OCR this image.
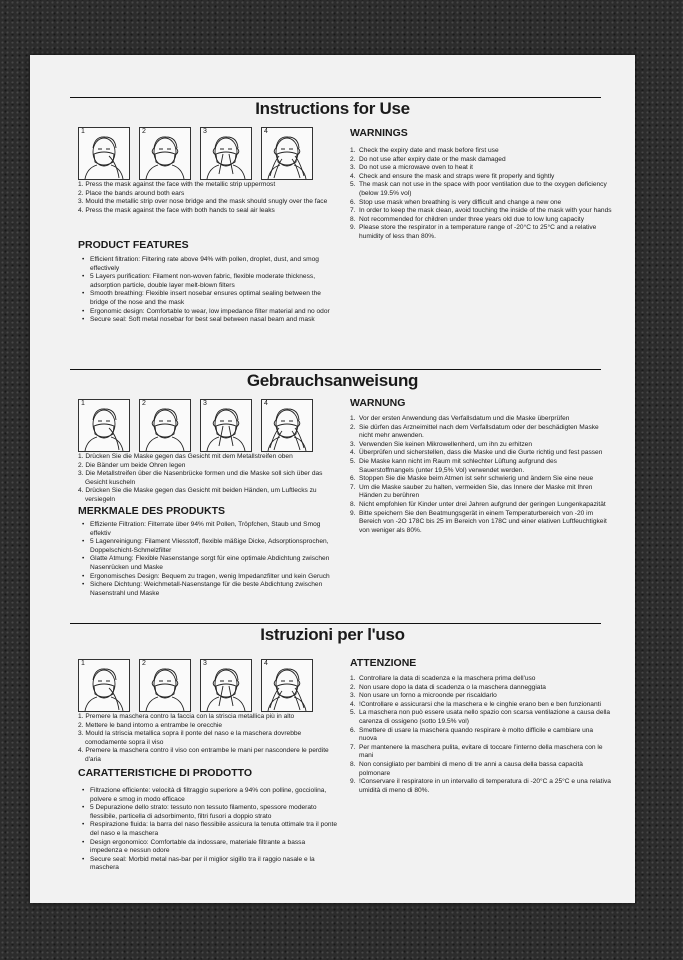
Instructions for Use
1	2	3	4
1. Press the mask against the face with the metallic strip uppermost
2. Place the bands around both ears
3. Mould the metallic strip over nose bridge and the mask should snugly over the face
4. Press the mask against the face with both hands to seal air leaks
PRODUCT FEATURES
• Efficient filtration: Filtering rate above 94% with pollen, droplet, dust, and smog effectively
• 5 Layers purification: Filament non-woven fabric, flexible moderate thickness, adsorption particle, double layer melt-blown filters
• Smooth breathing: Flexible insert nosebar ensures optimal sealing between the bridge of the nose and the mask
• Ergonomic design: Comfortable to wear, low impedance filter material and no odor
• Secure seal: Soft metal nosebar for best seal between nasal beam and mask
WARNINGS
1. Check the expiry date and mask before first use
2. Do not use after expiry date or the mask damaged
3. Do not use a microwave oven to heat it
4. Check and ensure the mask and straps were fit properly and tightly
5. The mask can not use in the space with poor ventilation due to the oxygen deficiency (below 19.5% vol)
6. Stop use mask when breathing is very difficult and change a new one
7. In order to keep the mask clean, avoid touching the inside of the mask with your hands
8. Not recommended for children under three years old due to low lung capacity
9. Please store the respirator in a temperature range of -20°C to 25°C and a relative humidity of less than 80%.
Gebrauchsanweisung
1	2	3	4
1. Drücken Sie die Maske gegen das Gesicht mit dem Metallstreifen oben
2. Die Bänder um beide Ohren legen
3. Die Metallstreifen über die Nasenbrücke formen und die Maske soll sich über das Gesicht kuscheln
4. Drücken Sie die Maske gegen das Gesicht mit beiden Händen, um Luftlecks zu versiegeln
MERKMALE DES PRODUKTS
• Effiziente Filtration: Filterrate über 94% mit Pollen, Tröpfchen, Staub und Smog effektiv
• 5 Lagenreinigung: Filament Vliesstoff, flexible mäßige Dicke, Adsorptionsprochen, Doppelschicht-Schmelzfilter
• Glatte Atmung: Flexible Nasenstange sorgt für eine optimale Abdichtung zwischen Nasenrücken und Maske
• Ergonomisches Design: Bequem zu tragen, wenig Impedanzfilter und kein Geruch
• Sichere Dichtung: Weichmetall-Nasenstange für die beste Abdichtung zwischen Nasenstrahl und Maske
WARNUNG
1. Vor der ersten Anwendung das Verfallsdatum und die Maske überprüfen
2. Sie dürfen das Arzneimittel nach dem Verfallsdatum oder der beschädigten Maske nicht mehr anwenden.
3. Verwenden Sie keinen Mikrowellenherd, um ihn zu erhitzen
4. Überprüfen und sicherstellen, dass die Maske und die Gurte richtig und fest passen
5. Die Maske kann nicht im Raum mit schlechter Lüftung aufgrund des Sauerstoffmangels (unter 19,5% Vol) verwendet werden.
6. Stoppen Sie die Maske beim Atmen ist sehr schwierig und ändern Sie eine neue
7. Um die Maske sauber zu halten, vermeiden Sie, das Innere der Maske mit Ihren Händen zu berühren
8. Nicht empfohlen für Kinder unter drei Jahren aufgrund der geringen Lungenkapazität
9. Bitte speichern Sie den Beatmungsgerät in einem Temperaturbereich von -20 im Bereich von -2O 178C bis 25 im Bereich von 178C und einer elativen Luftfeuchtigkeit von weniger als 80%.
Istruzioni per l'uso
1	2	3	4
1. Premere la maschera contro la faccia con la striscia metallica più in alto
2. Mettere le band intorno a entrambe le orecchie
3. Mould la striscia metallica sopra il ponte del naso e la maschera dovrebbe comodamente sopra il viso
4. Premere la maschera contro il viso con entrambe le mani per nascondere le perdite d'aria
CARATTERISTICHE DI PRODOTTO
• Filtrazione efficiente: velocità di filtraggio superiore a 94% con polline, gocciolina, polvere e smog in modo efficace
• 5 Depurazione dello strato: tessuto non tessuto filamento, spessore moderato flessibile, particella di adsorbimento, filtri fusori a doppio strato
• Respirazione fluida: la barra del naso flessibile assicura la tenuta ottimale tra il ponte del naso e la maschera
• Design ergonomico: Comfortable da indossare, materiale filtrante a bassa impedenza e nessun odore
• Secure seal: Morbid metal nas-bar per il miglior sigillo tra il raggio nasale e la maschera
ATTENZIONE
1. Controllare la data di scadenza e la maschera prima dell'uso
2. Non usare dopo la data di scadenza o la maschera danneggiata
3. Non usare un forno a microonde per riscaldarlo
4. !Controllare e assicurarsi che la maschera e le cinghie erano ben e ben funzionanti
5. La maschera non può essere usata nello spazio con scarsa ventilazione a causa della carenza di ossigeno (sotto 19.5% vol)
6. Smettere di usare la maschera quando respirare è molto difficile e cambiare una nuova
7. Per mantenere la maschera pulita, evitare di toccare l'interno della maschera con le mani
8. Non consigliato per bambini di meno di tre anni a causa della bassa capacità polmonare
9. !Conservare il respiratore in un intervallo di temperatura di -20°C a 25°C e una relativa umidità di meno di 80%.
